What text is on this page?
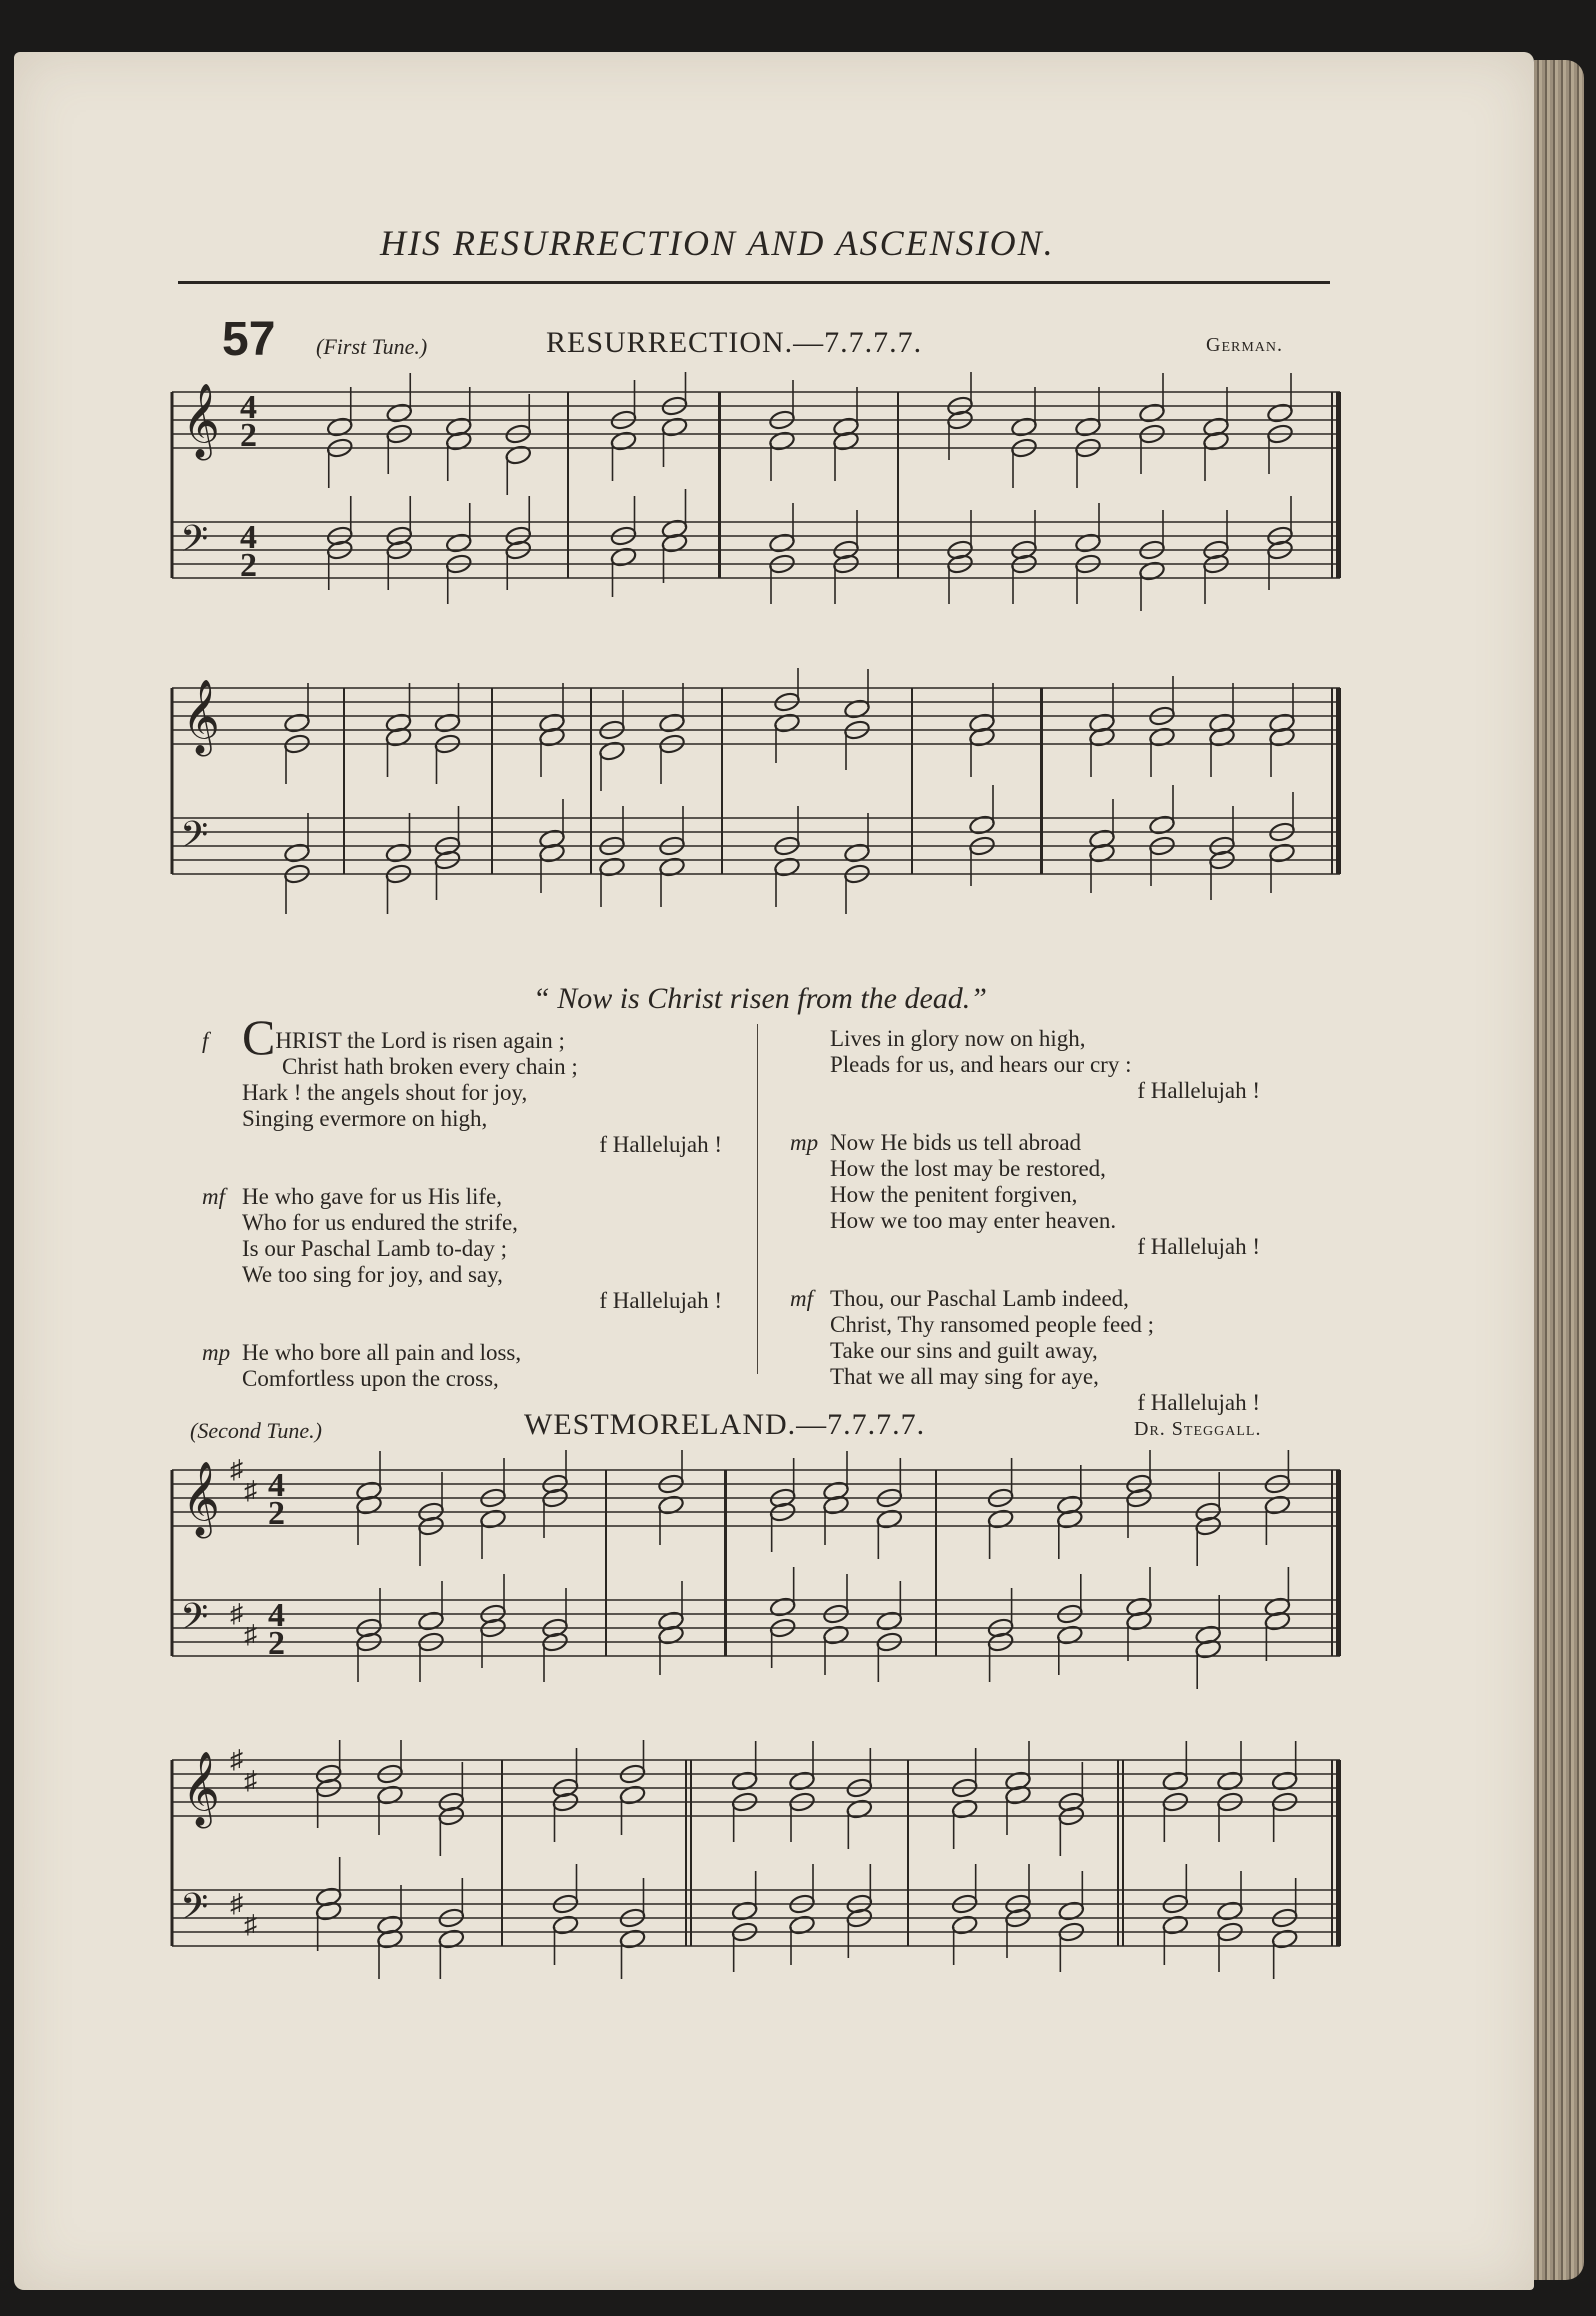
HIS RESURRECTION AND ASCENSION.
57 (First Tune.)	RESURRECTION.—7.7.7.7.	German.
𝄞
𝄢
4
4
2
2
𝄞
𝄢
“ Now is Christ risen from the dead.”
f CHRIST the Lord is risen again ;
Christ hath broken every chain ;
Hark ! the angels shout for joy,
Singing evermore on high,
f Hallelujah !
mf He who gave for us His life,
Who for us endured the strife,
Is our Paschal Lamb to-day ;
We too sing for joy, and say,
f Hallelujah !
mp He who bore all pain and loss,
Comfortless upon the cross,
Lives in glory now on high,
Pleads for us, and hears our cry :
f Hallelujah !
mp Now He bids us tell abroad
How the lost may be restored,
How the penitent forgiven,
How we too may enter heaven.
f Hallelujah !
mf Thou, our Paschal Lamb indeed,
Christ, Thy ransomed people feed ;
Take our sins and guilt away,
That we all may sing for aye,
f Hallelujah !
(Second Tune.)	WESTMORELAND.—7.7.7.7.	Dr. Steggall.
𝄞
𝄢
♯
♯
♯
♯
4
4
2
2
𝄞
𝄢
♯
♯
♯
♯
